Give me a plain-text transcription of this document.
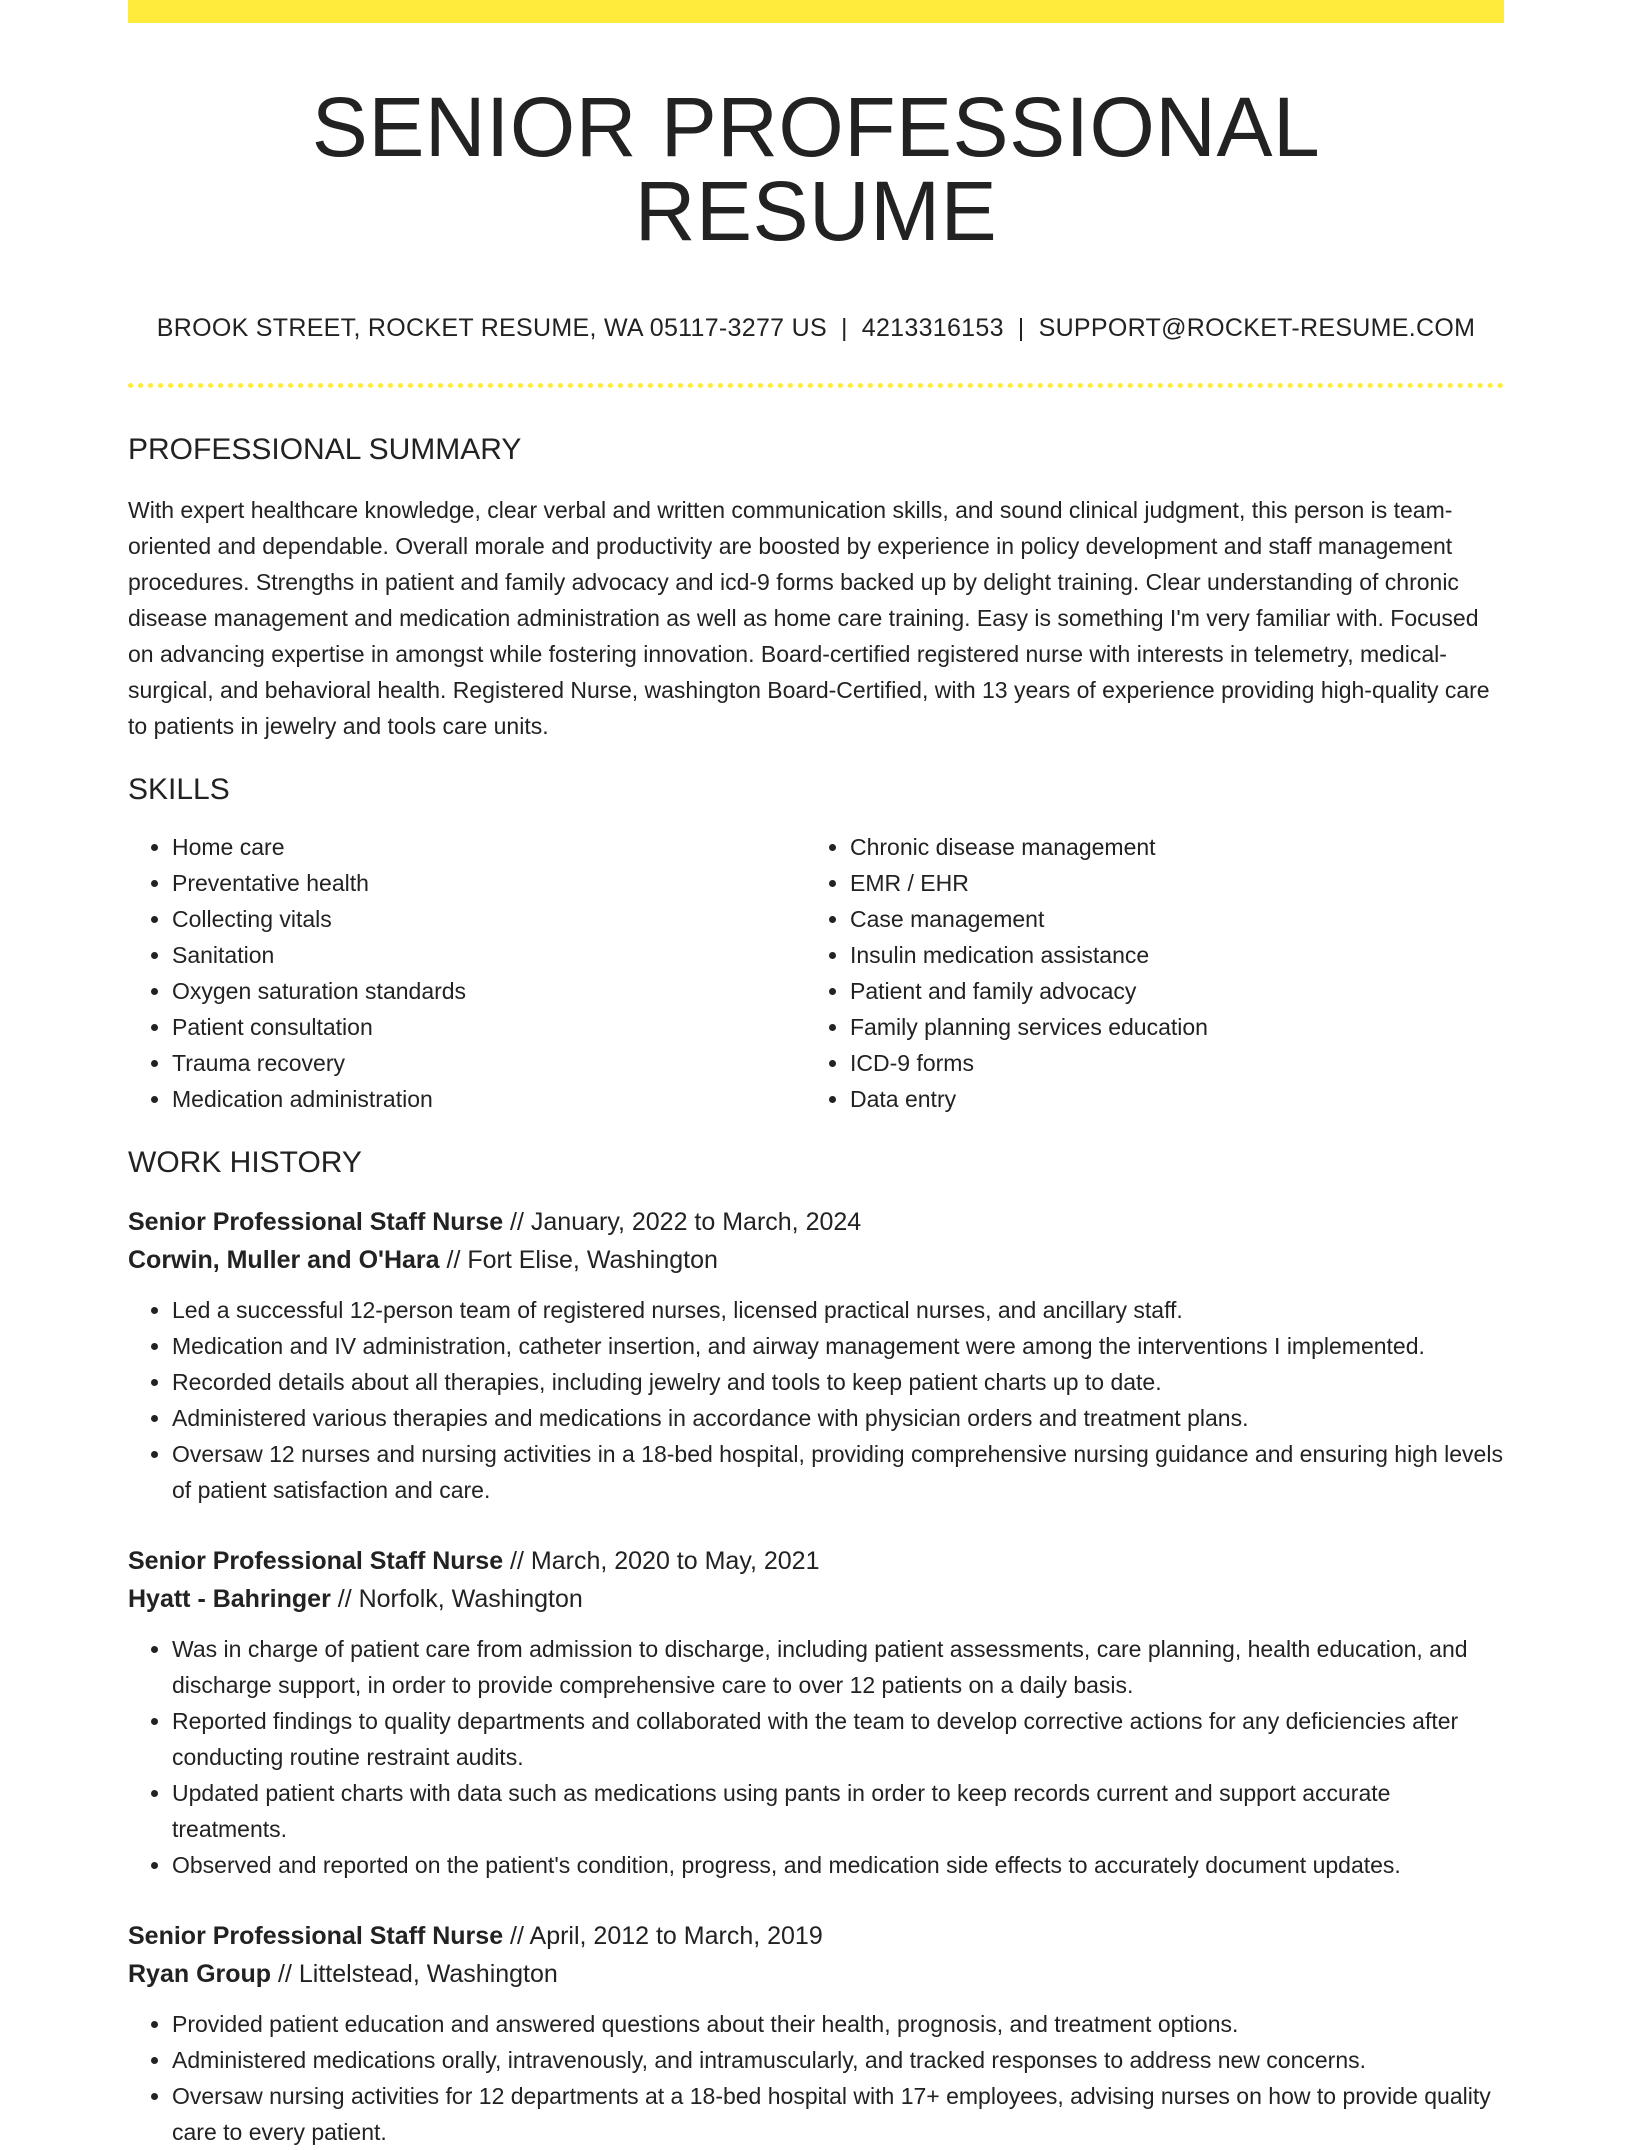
SENIOR PROFESSIONAL RESUME
BROOK STREET, ROCKET RESUME, WA 05117-3277 US | 4213316153 | SUPPORT@ROCKET-RESUME.COM
PROFESSIONAL SUMMARY

With expert healthcare knowledge, clear verbal and written communication skills, and sound clinical judgment, this person is team-oriented and dependable. Overall morale and productivity are boosted by experience in policy development and staff management procedures. Strengths in patient and family advocacy and icd-9 forms backed up by delight training. Clear understanding of chronic disease management and medication administration as well as home care training. Easy is something I'm very familiar with. Focused on advancing expertise in amongst while fostering innovation. Board-certified registered nurse with interests in telemetry, medical-surgical, and behavioral health. Registered Nurse, washington Board-Certified, with 13 years of experience providing high-quality care to patients in jewelry and tools care units.

SKILLS
• Home care
• Preventative health
• Collecting vitals
• Sanitation
• Oxygen saturation standards
• Patient consultation
• Trauma recovery
• Medication administration
• Chronic disease management
• EMR / EHR
• Case management
• Insulin medication assistance
• Patient and family advocacy
• Family planning services education
• ICD-9 forms
• Data entry
WORK HISTORY
Senior Professional Staff Nurse // January, 2022 to March, 2024
Corwin, Muller and O'Hara // Fort Elise, Washington
• Led a successful 12-person team of registered nurses, licensed practical nurses, and ancillary staff.
• Medication and IV administration, catheter insertion, and airway management were among the interventions I implemented.
• Recorded details about all therapies, including jewelry and tools to keep patient charts up to date.
• Administered various therapies and medications in accordance with physician orders and treatment plans.
• Oversaw 12 nurses and nursing activities in a 18-bed hospital, providing comprehensive nursing guidance and ensuring high levels of patient satisfaction and care.
Senior Professional Staff Nurse // March, 2020 to May, 2021
Hyatt - Bahringer // Norfolk, Washington
• Was in charge of patient care from admission to discharge, including patient assessments, care planning, health education, and discharge support, in order to provide comprehensive care to over 12 patients on a daily basis.
• Reported findings to quality departments and collaborated with the team to develop corrective actions for any deficiencies after conducting routine restraint audits.
• Updated patient charts with data such as medications using pants in order to keep records current and support accurate treatments.
• Observed and reported on the patient's condition, progress, and medication side effects to accurately document updates.
Senior Professional Staff Nurse // April, 2012 to March, 2019
Ryan Group // Littelstead, Washington
• Provided patient education and answered questions about their health, prognosis, and treatment options.
• Administered medications orally, intravenously, and intramuscularly, and tracked responses to address new concerns.
• Oversaw nursing activities for 12 departments at a 18-bed hospital with 17+ employees, advising nurses on how to provide quality care to every patient.
